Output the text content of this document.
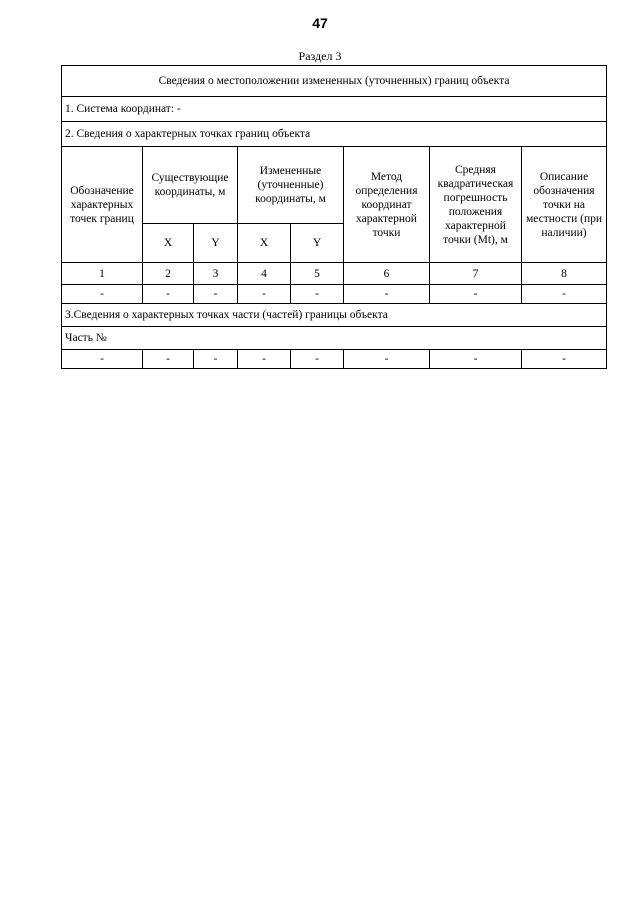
47
Раздел 3
Сведения о местоположении измененных (уточненных) границ объекта							
1. Система координат: -							
2. Сведения о характерных точках границ объекта							
Обозначение характерных точек границ	Существующие координаты, м		Измененные (уточненные) координаты, м		Метод определения координат характерной точки	Средняя квадратическая погрешность положения характерной точки (Mt), м	Описание обозначения точки на местности (при наличии)
	X	Y	X	Y			
1	2	3	4	5	6	7	8
-	-	-	-	-	-	-	-
3.Сведения о характерных точках части (частей) границы объекта							
Часть №							
-	-	-	-	-	-	-	-
